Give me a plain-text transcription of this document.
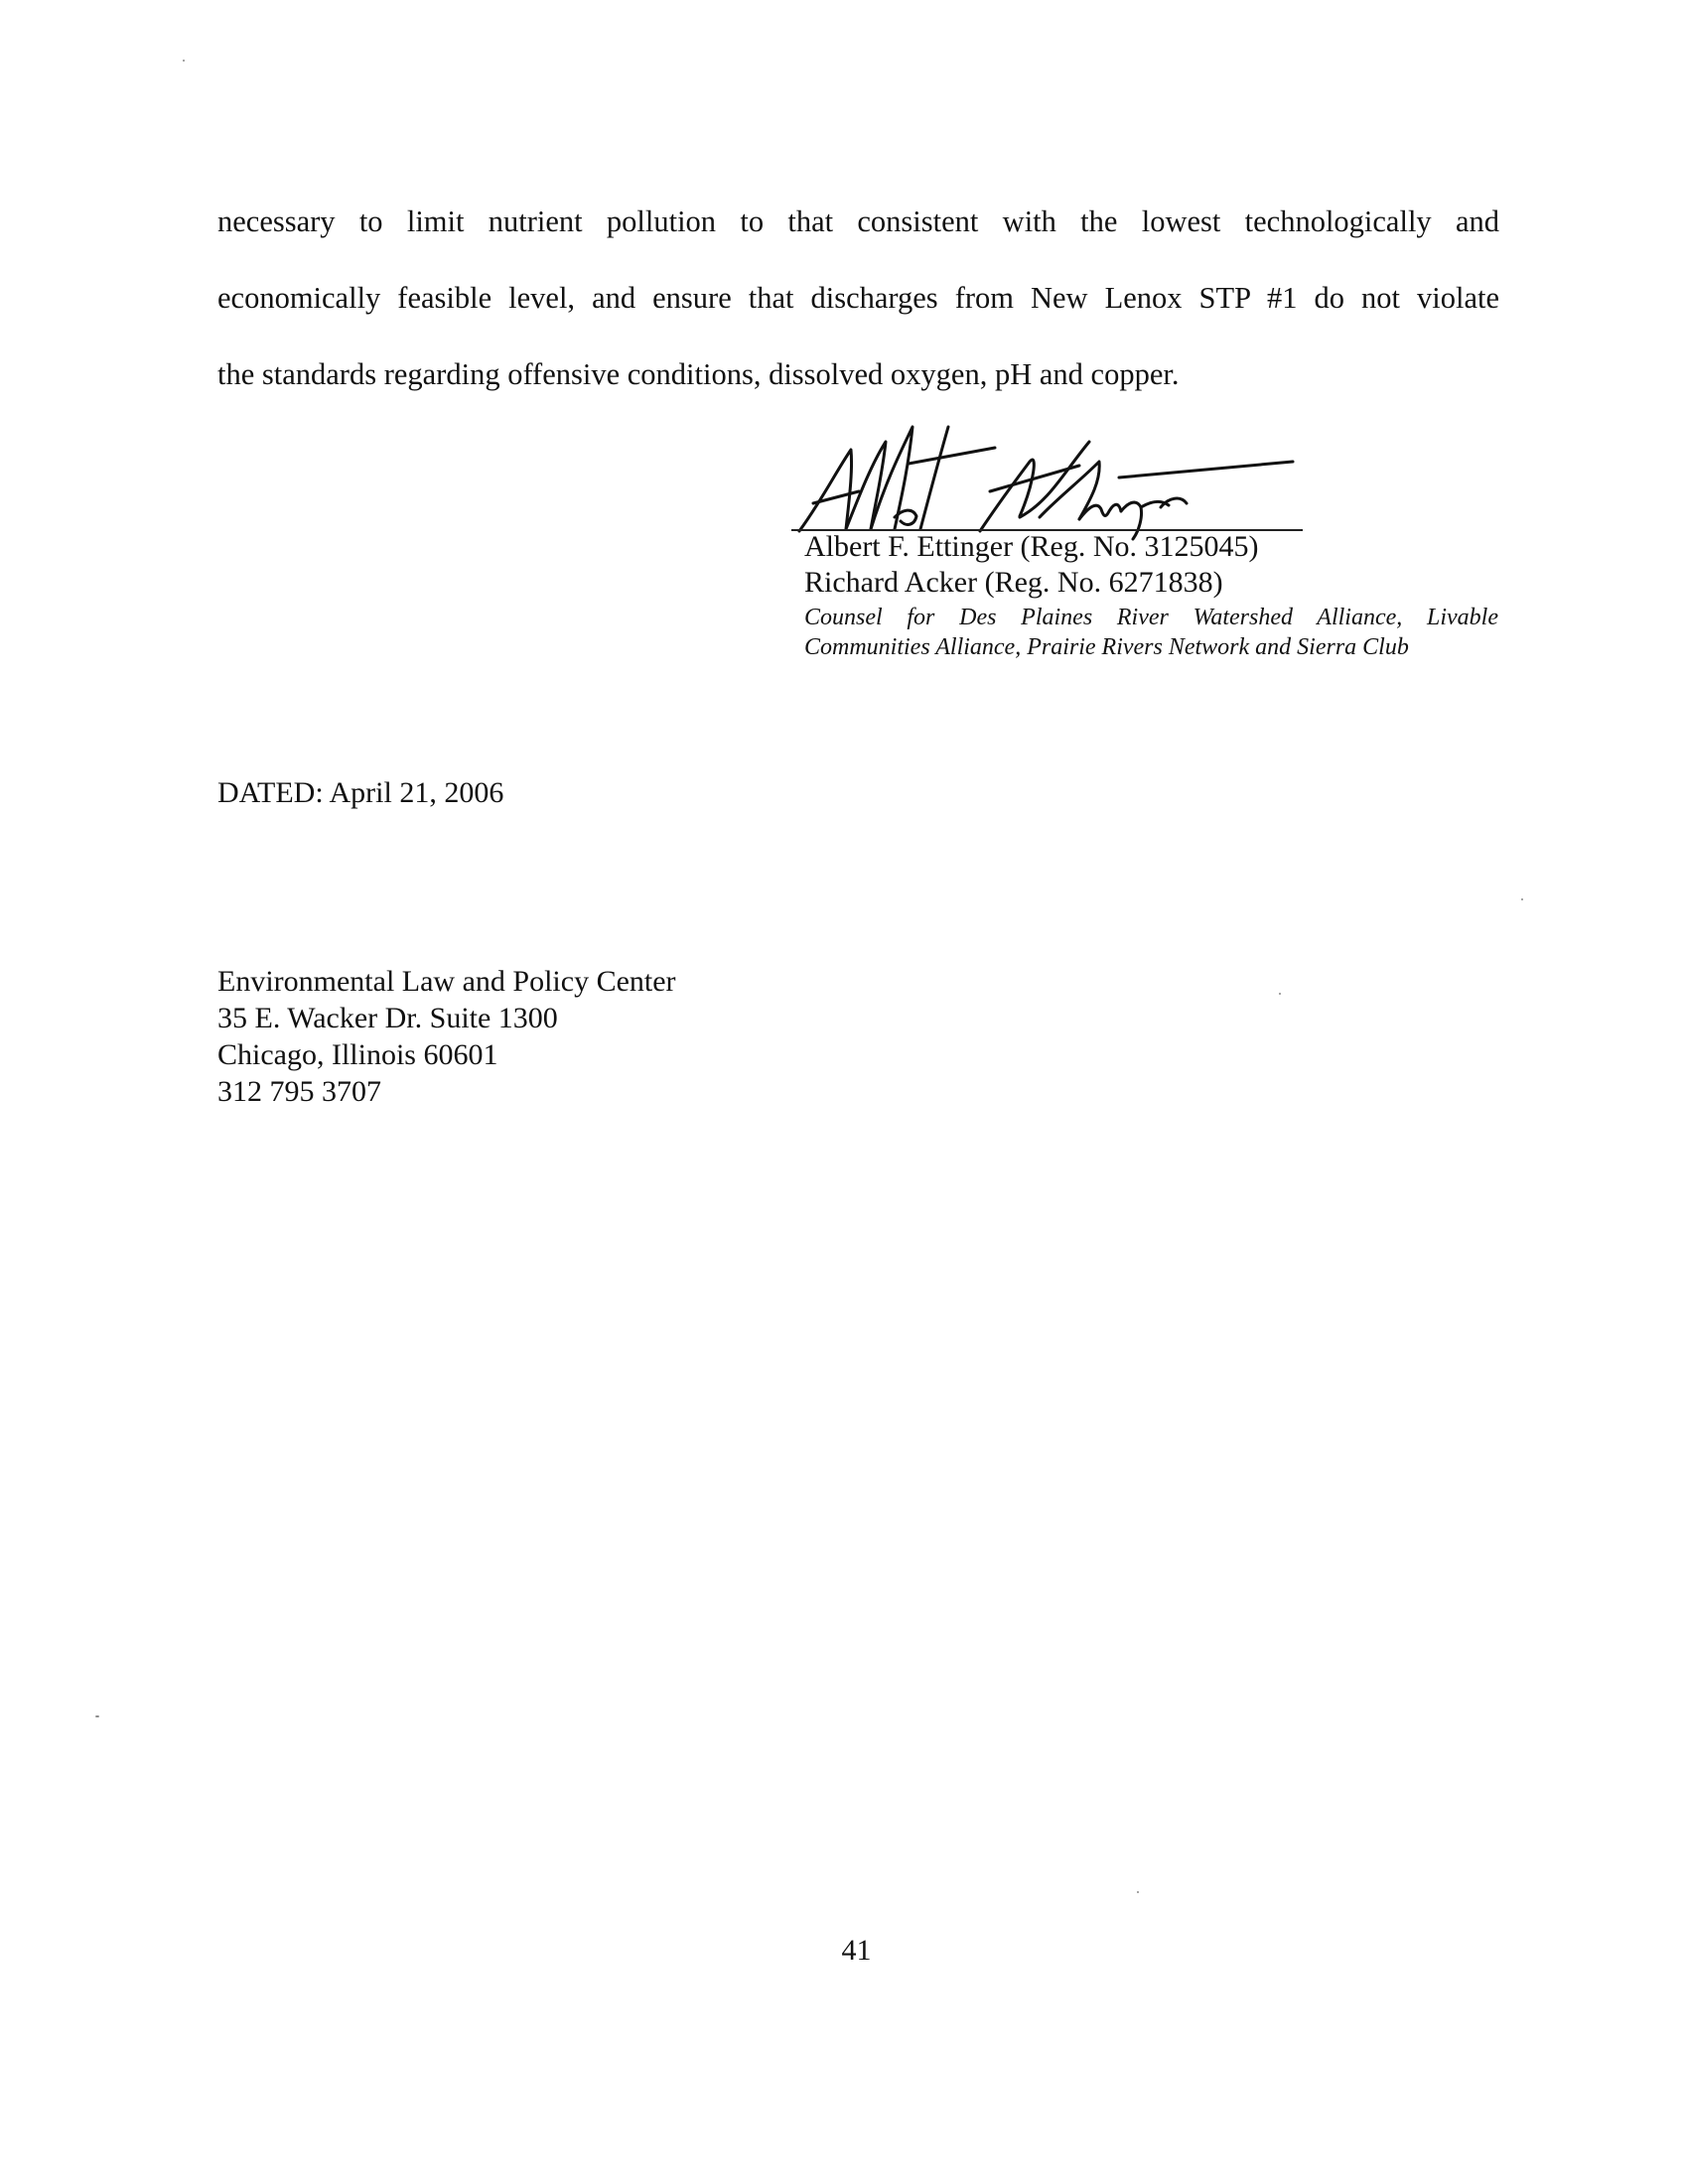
necessary to limit nutrient pollution to that consistent with the lowest technologically and
economically feasible level, and ensure that discharges from New Lenox STP #1 do not violate
the standards regarding offensive conditions, dissolved oxygen, pH and copper.

Albert F. Ettinger (Reg. No. 3125045)

Richard Acker (Reg. No. 6271838)

Counsel for Des Plaines River Watershed Alliance, Livable Communities Alliance, Prairie Rivers Network and Sierra Club

DATED: April 21, 2006

Environmental Law and Policy Center
35 E. Wacker Dr. Suite 1300
Chicago, Illinois 60601
312 795 3707

41
